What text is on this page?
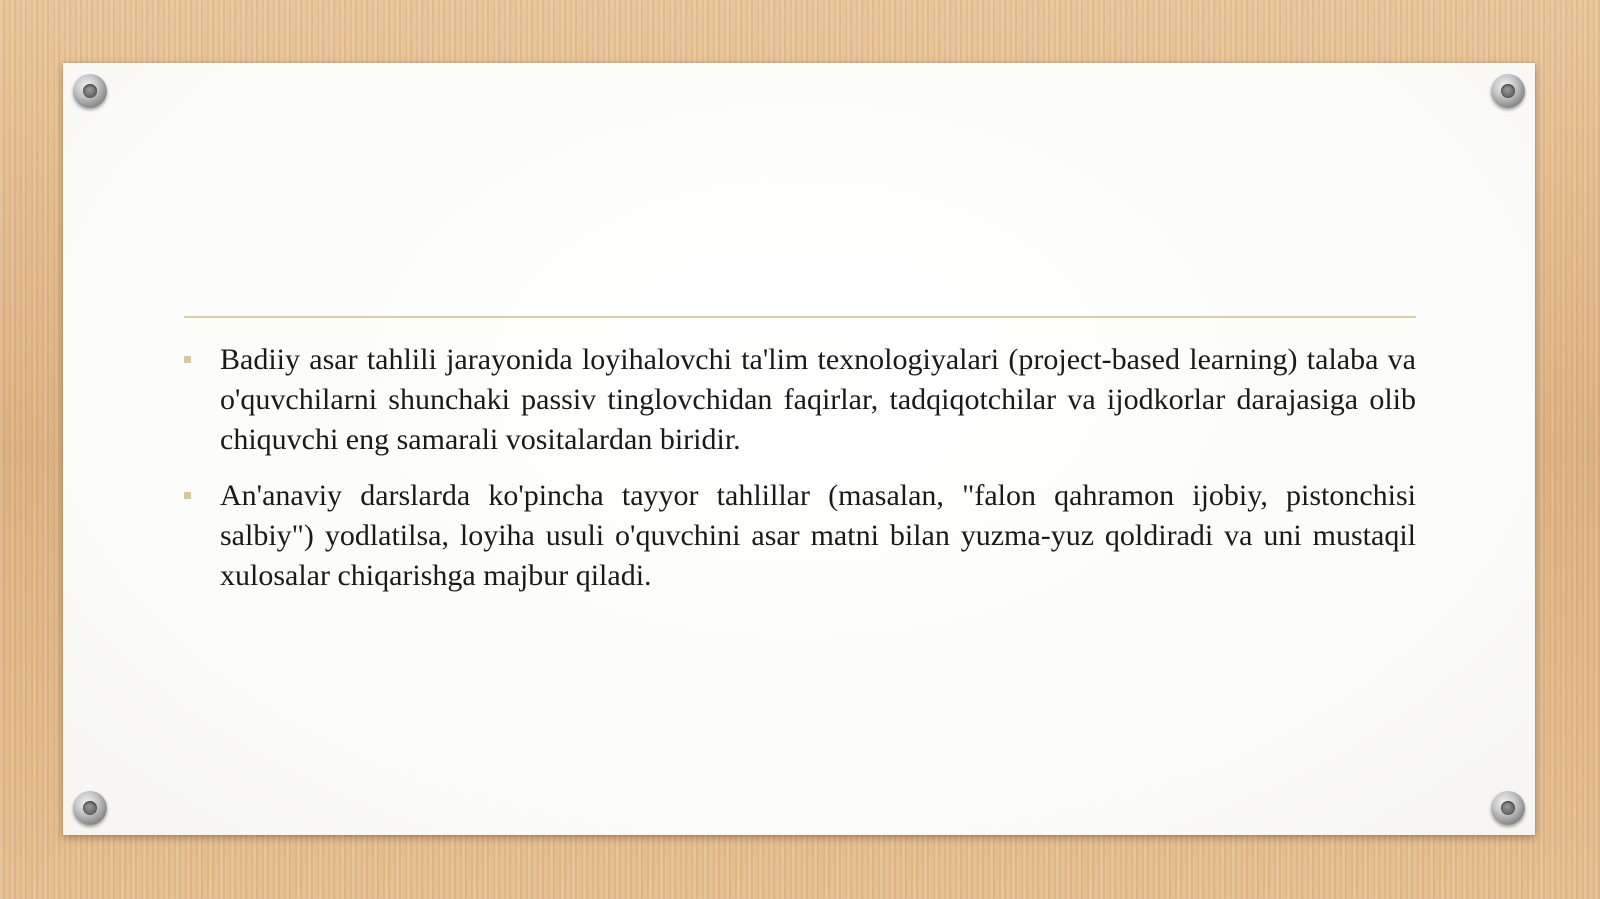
Badiiy asar tahlili jarayonida loyihalovchi ta'lim texnologiyalari (project-based learning) talaba va o'quvchilarni shunchaki passiv tinglovchidan faqirlar, tadqiqotchilar va ijodkorlar darajasiga olib chiquvchi eng samarali vositalardan biridir.
An'anaviy darslarda ko'pincha tayyor tahlillar (masalan, "falon qahramon ijobiy, pistonchisi salbiy") yodlatilsa, loyiha usuli o'quvchini asar matni bilan yuzma-yuz qoldiradi va uni mustaqil xulosalar chiqarishga majbur qiladi.
